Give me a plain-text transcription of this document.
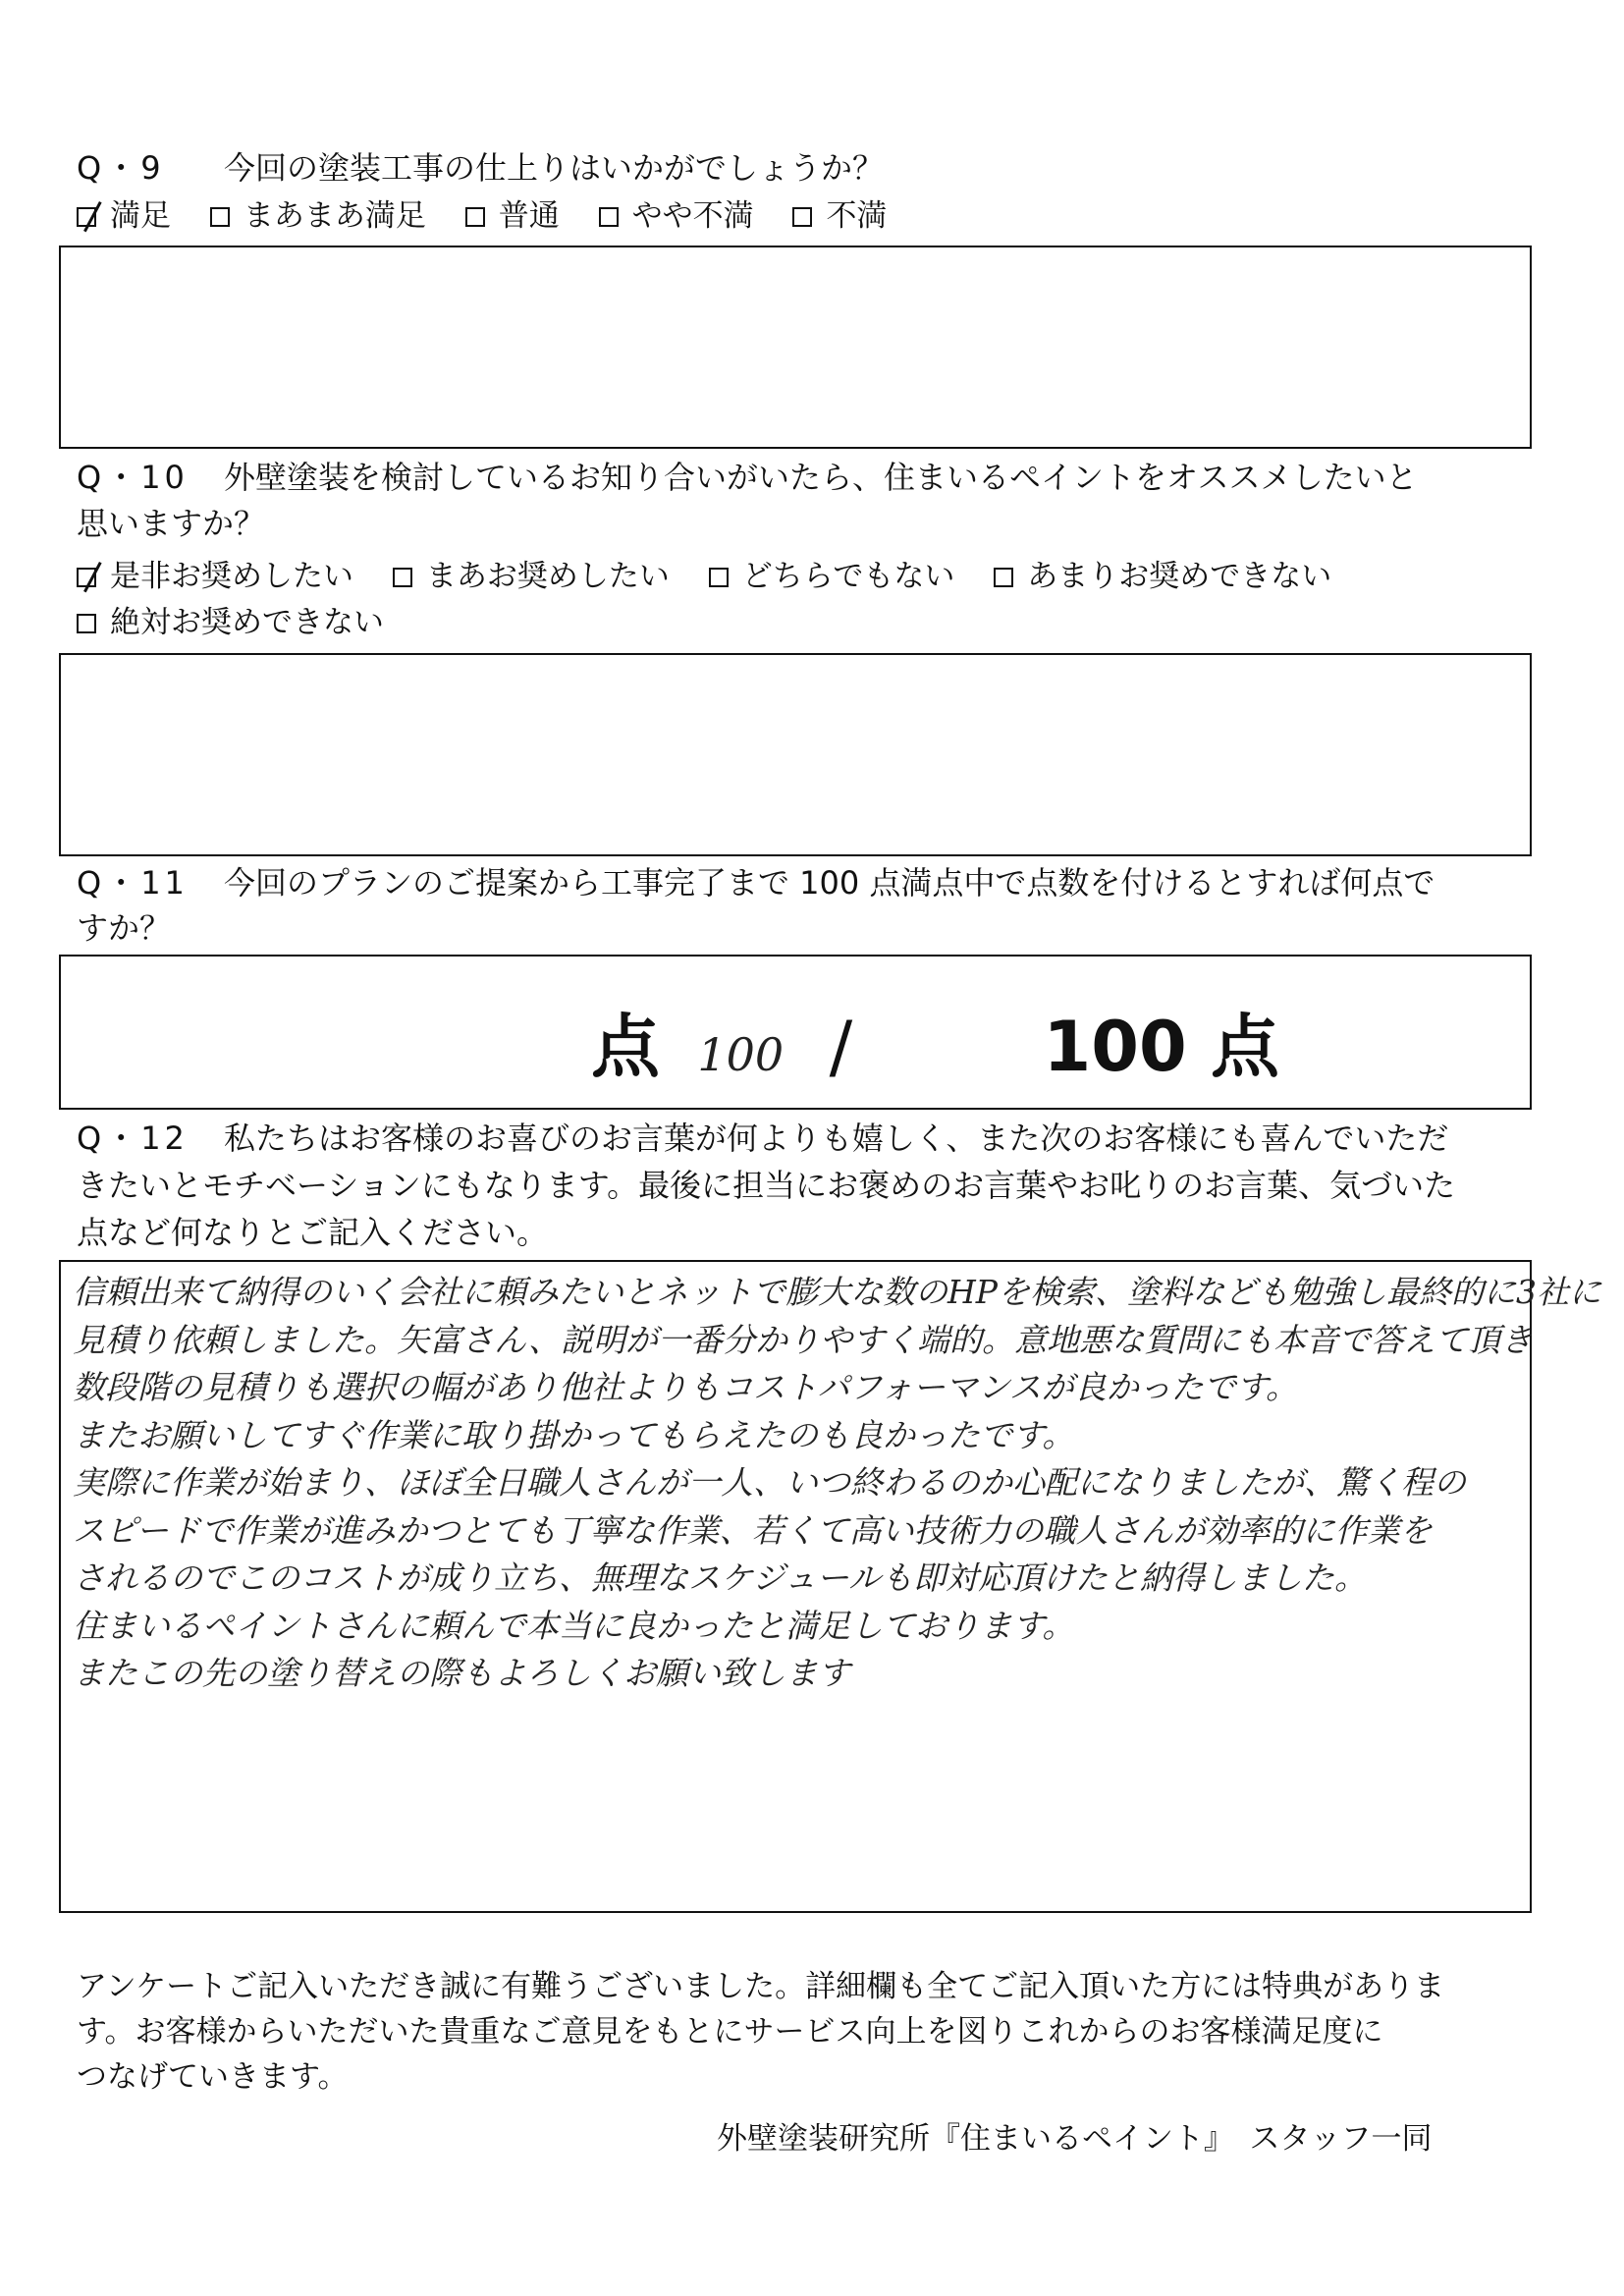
Q・9 今回の塗装工事の仕上りはいかがでしょうか？
満足 まあまあ満足 普通 やや不満 不満
Q・10 外壁塗装を検討しているお知り合いがいたら、住まいるペイントをオススメしたいと
思いますか？
是非お奨めしたい まあお奨めしたい どちらでもない あまりお奨めできない
絶対お奨めできない
Q・11 今回のプランのご提案から工事完了まで 100 点満点中で点数を付けるとすれば何点で
すか？
点 100 /	100 点
Q・12 私たちはお客様のお喜びのお言葉が何よりも嬉しく、また次のお客様にも喜んでいただ
きたいとモチベーションにもなります。最後に担当にお褒めのお言葉やお叱りのお言葉、気づいた
点など何なりとご記入ください。
信頼出来て納得のいく会社に頼みたいとネットで膨大な数のHPを検索、塗料なども勉強し最終的に3社に
見積り依頼しました。矢富さん、説明が一番分かりやすく端的。意地悪な質問にも本音で答えて頂き
数段階の見積りも選択の幅があり他社よりもコストパフォーマンスが良かったです。
またお願いしてすぐ作業に取り掛かってもらえたのも良かったです。
実際に作業が始まり、ほぼ全日職人さんが一人、いつ終わるのか心配になりましたが、驚く程の
スピードで作業が進みかつとても丁寧な作業、若くて高い技術力の職人さんが効率的に作業を
されるのでこのコストが成り立ち、無理なスケジュールも即対応頂けたと納得しました。
住まいるペイントさんに頼んで本当に良かったと満足しております。
またこの先の塗り替えの際もよろしくお願い致します
アンケートご記入いただき誠に有難うございました。詳細欄も全てご記入頂いた方には特典がありま
す。お客様からいただいた貴重なご意見をもとにサービス向上を図りこれからのお客様満足度に
つなげていきます。
外壁塗装研究所『住まいるペイント』　スタッフ一同
